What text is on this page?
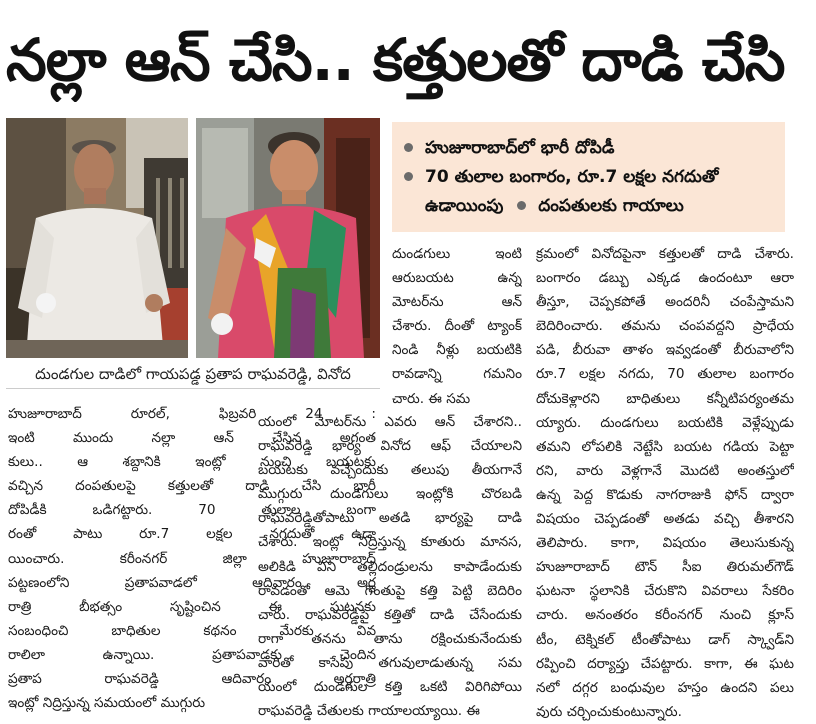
నల్లా ఆన్ చేసి.. కత్తులతో దాడి చేసి
దుండగుల దాడిలో గాయపడ్డ ప్రతాప రాఘవరెడ్డి, వినోద
హుజూరాబాద్‌లో భారీ దోపిడీ
70 తులాల బంగారం, రూ.7 లక్షల నగదుతో
ఉడాయింపు దంపతులకు గాయాలు
హుజూరాబాద్ రూరల్, ఫిబ్రవరి 24 :
ఇంటి ముందు నల్లా ఆన్ చేసిన అగంత
కులు.. ఆ శబ్దానికి ఇంట్లో నుంచి బయటకు
వచ్చిన దంపతులపై కత్తులతో దాడి చేసి భారీ
దోపిడీకి ఒడిగట్టారు. 70 తులాల బంగా
రంతో పాటు రూ.7 లక్షల నగదుతో ఉడా
యించారు. కరీంనగర్ జిల్లా హుజూరాబాద్
పట్టణంలోని ప్రతాపవాడలో ఆదివారం అర్ధ
రాత్రి బీభత్సం సృష్టించిన ఈ ఘటనకు
సంబంధించి బాధితుల కథనం మేరకు వివ
రాలిలా ఉన్నాయి. ప్రతాపవాడకు చెందిన
ప్రతాప రాఘవరెడ్డి ఆదివారం అర్ధరాత్రి
ఇంట్లో నిద్రిస్తున్న సమయంలో ముగ్గురు
దుండగులు ఇంటి
ఆరుబయట ఉన్న
మోటర్‌ను ఆన్
చేశారు. దీంతో ట్యాంక్
నిండి నీళ్లు బయటికి
రావడాన్ని గమనిం
చారు. ఈ సమ
యంలో మోటర్‌ను ఎవరు ఆన్ చేశారని..
రాఘవరెడ్డి భార్య వినోద ఆఫ్ చేయాలని
బయటకు వచ్చేందుకు తలుపు తీయగానే
ముగ్గురు దుండగులు ఇంట్లోకి చొరబడి
రాఘవరెడ్డితోపాటు అతడి భార్యపై దాడి
చేశారు. ఇంట్లో నిద్రిస్తున్న కూతురు మానస,
అలికిడి విని తల్లిదండ్రులను కాపాడేందుకు
రావడంతో ఆమె గొంతుపై కత్తి పెట్టి బెదిరిం
చారు. రాఘవరెడ్డిపై కత్తితో దాడి చేసేందుకు
రాగా తనను తాను రక్షించుకునేందుకు
వారితో కాసేపు తగువులాడుతున్న సమ
యంలో దుండగుల కత్తి ఒకటి విరిగిపోయి
రాఘవరెడ్డి చేతులకు గాయాలయ్యాయి. ఈ
క్రమంలో వినోదపైనా కత్తులతో దాడి చేశారు.
బంగారం డబ్బు ఎక్కడ ఉందంటూ ఆరా
తీస్తూ, చెప్పకపోతే అందరినీ చంపేస్తామని
బెదిరించారు. తమను చంపవద్దని ప్రాధేయ
పడి, బీరువా తాళం ఇవ్వడంతో బీరువాలోని
రూ.7 లక్షల నగదు, 70 తులాల బంగారం
దోచుకెళ్లారని బాధితులు కన్నీటిపర్యంతమ
య్యారు. దుండగులు బయటికి వెళ్లేప్పుడు
తమని లోపలికి నెట్టేసి బయట గడియ పెట్టా
రని, వారు వెళ్లగానే మొదటి అంతస్తులో
ఉన్న పెద్ద కొడుకు నాగరాజుకి ఫోన్ ద్వారా
విషయం చెప్పడంతో అతడు వచ్చి తీశారని
తెలిపారు. కాగా, విషయం తెలుసుకున్న
హుజూరాబాద్ టౌన్ సీఐ తిరుమల్‌గౌడ్
ఘటనా స్థలానికి చేరుకొని వివరాలు సేకరిం
చారు. అనంతరం కరీంనగర్ నుంచి క్లూస్
టీం, టెక్నికల్ టీంతోపాటు డాగ్ స్క్వాడ్‌ని
రప్పించి దర్యాప్తు చేపట్టారు. కాగా, ఈ ఘట
నలో దగ్గర బంధువుల హస్తం ఉందని పలు
వురు చర్చించుకుంటున్నారు.
